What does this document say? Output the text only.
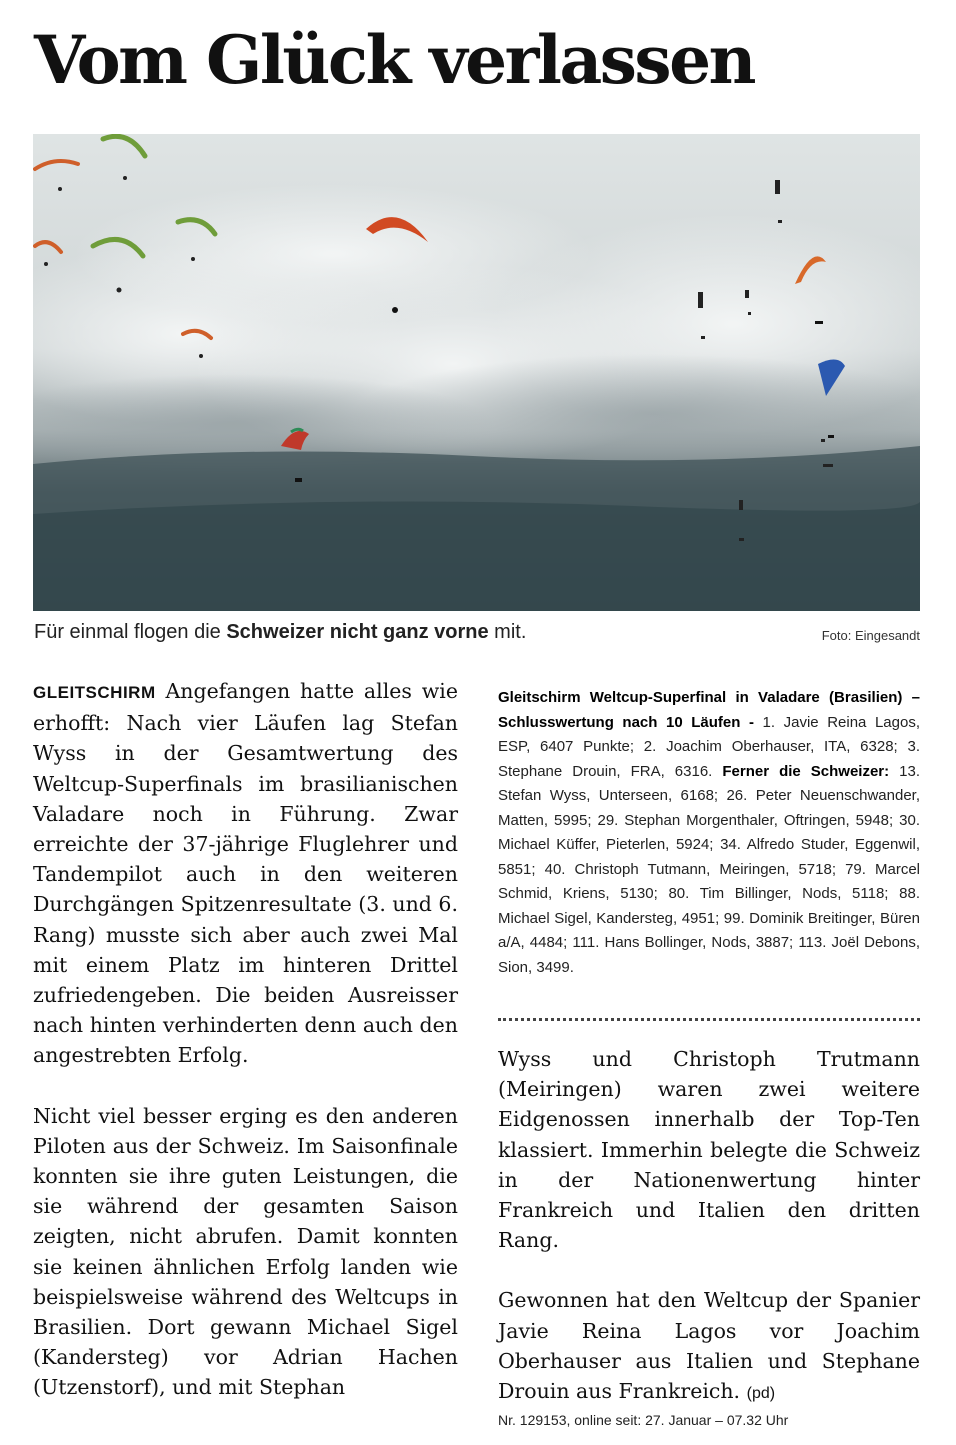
Vom Glück verlassen
Für einmal flogen die Schweizer nicht ganz vorne mit.	Foto: Eingesandt

GLEITSCHIRM Angefangen hatte alles wie erhofft: Nach vier Läufen lag Stefan Wyss in der Gesamtwertung des Weltcup-Superfinals im brasilianischen Valadare noch in Führung. Zwar erreichte der 37-jährige Fluglehrer und Tandempilot auch in den weiteren Durchgängen Spitzenresultate (3. und 6. Rang) musste sich aber auch zwei Mal mit einem Platz im hinteren Drittel zufriedengeben. Die beiden Ausreisser nach hinten verhinderten denn auch den angestrebten Erfolg.

Nicht viel besser erging es den anderen Piloten aus der Schweiz. Im Saisonfinale konnten sie ihre guten Leistungen, die sie während der gesamten Saison zeigten, nicht abrufen. Damit konnten sie keinen ähnlichen Erfolg landen wie beispielsweise während des Weltcups in Brasilien. Dort gewann Michael Sigel (Kandersteg) vor Adrian Hachen (Utzenstorf), und mit Stephan

Gleitschirm Weltcup-Superfinal in Valadare (Brasilien) – Schlusswertung nach 10 Läufen - 1. Javie Reina Lagos, ESP, 6407 Punkte; 2. Joachim Oberhauser, ITA, 6328; 3. Stephane Drouin, FRA, 6316. Ferner die Schweizer: 13. Stefan Wyss, Unterseen, 6168; 26. Peter Neuenschwander, Matten, 5995; 29. Stephan Morgenthaler, Oftringen, 5948; 30. Michael Küffer, Pieterlen, 5924; 34. Alfredo Studer, Eggenwil, 5851; 40. Christoph Tutmann, Meiringen, 5718; 79. Marcel Schmid, Kriens, 5130; 80. Tim Billinger, Nods, 5118; 88. Michael Sigel, Kandersteg, 4951; 99. Dominik Breitinger, Büren a/A, 4484; 111. Hans Bollinger, Nods, 3887; 113. Joël Debons, Sion, 3499.

Wyss und Christoph Trutmann (Meiringen) waren zwei weitere Eidgenossen innerhalb der Top-Ten klassiert. Immerhin belegte die Schweiz in der Nationenwertung hinter Frankreich und Italien den dritten Rang.

Gewonnen hat den Weltcup der Spanier Javie Reina Lagos vor Joachim Oberhauser aus Italien und Stephane Drouin aus Frankreich. (pd)

Nr. 129153, online seit: 27. Januar – 07.32 Uhr
